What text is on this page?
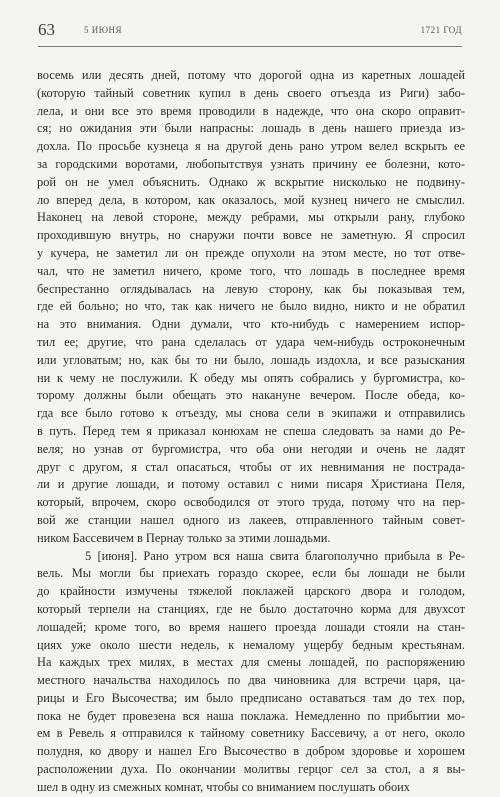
63	5 ИЮНЯ	1721 ГОД
восемь или десять дней, потому что дорогой одна из каретных лошадей
(которую тайный советник купил в день своего отъезда из Риги) забо-
лела, и они все это время проводили в надежде, что она скоро оправит-
ся; но ожидания эти были напрасны: лошадь в день нашего приезда из-
дохла. По просьбе кузнеца я на другой день рано утром велел вскрыть ее
за городскими воротами, любопытствуя узнать причину ее болезни, кото-
рой он не умел объяснить. Однако ж вскрытие нисколько не подвину-
ло вперед дела, в котором, как оказалось, мой кузнец ничего не смыслил.
Наконец на левой стороне, между ребрами, мы открыли рану, глубоко
проходившую внутрь, но снаружи почти вовсе не заметную. Я спросил
у кучера, не заметил ли он прежде опухоли на этом месте, но тот отве-
чал, что не заметил ничего, кроме того, что лошадь в последнее время
беспрестанно оглядывалась на левую сторону, как бы показывая тем,
где ей больно; но что, так как ничего не было видно, никто и не обратил
на это внимания. Одни думали, что кто-нибудь с намерением испор-
тил ее; другие, что рана сделалась от удара чем-нибудь остроконечным
или угловатым; но, как бы то ни было, лошадь издохла, и все разыскания
ни к чему не послужили. К обеду мы опять собрались у бургомистра, ко-
торому должны были обещать это накануне вечером. После обеда, ко-
гда все было готово к отъезду, мы снова сели в экипажи и отправились
в путь. Перед тем я приказал конюхам не спеша следовать за нами до Ре-
веля; но узнав от бургомистра, что оба они негодяи и очень не ладят
друг с другом, я стал опасаться, чтобы от их невнимания не пострада-
ли и другие лошади, и потому оставил с ними писаря Христиана Пеля,
который, впрочем, скоро освободился от этого труда, потому что на пер-
вой же станции нашел одного из лакеев, отправленного тайным совет-
ником Бассевичем в Пернау только за этими лошадьми.
5 [июня]. Рано утром вся наша свита благополучно прибыла в Ре-
вель. Мы могли бы приехать гораздо скорее, если бы лошади не были
до крайности измучены тяжелой поклажей царского двора и голодом,
который терпели на станциях, где не было достаточно корма для двухсот
лошадей; кроме того, во время нашего проезда лошади стояли на стан-
циях уже около шести недель, к немалому ущербу бедным крестьянам.
На каждых трех милях, в местах для смены лошадей, по распоряжению
местного начальства находилось по два чиновника для встречи царя, ца-
рицы и Его Высочества; им было предписано оставаться там до тех пор,
пока не будет провезена вся наша поклажа. Немедленно по прибытии мо-
ем в Ревель я отправился к тайному советнику Бассевичу, а от него, около
полудня, ко двору и нашел Его Высочество в добром здоровье и хорошем
расположении духа. По окончании молитвы герцог сел за стол, а я вы-
шел в одну из смежных комнат, чтобы со вниманием послушать обоих
